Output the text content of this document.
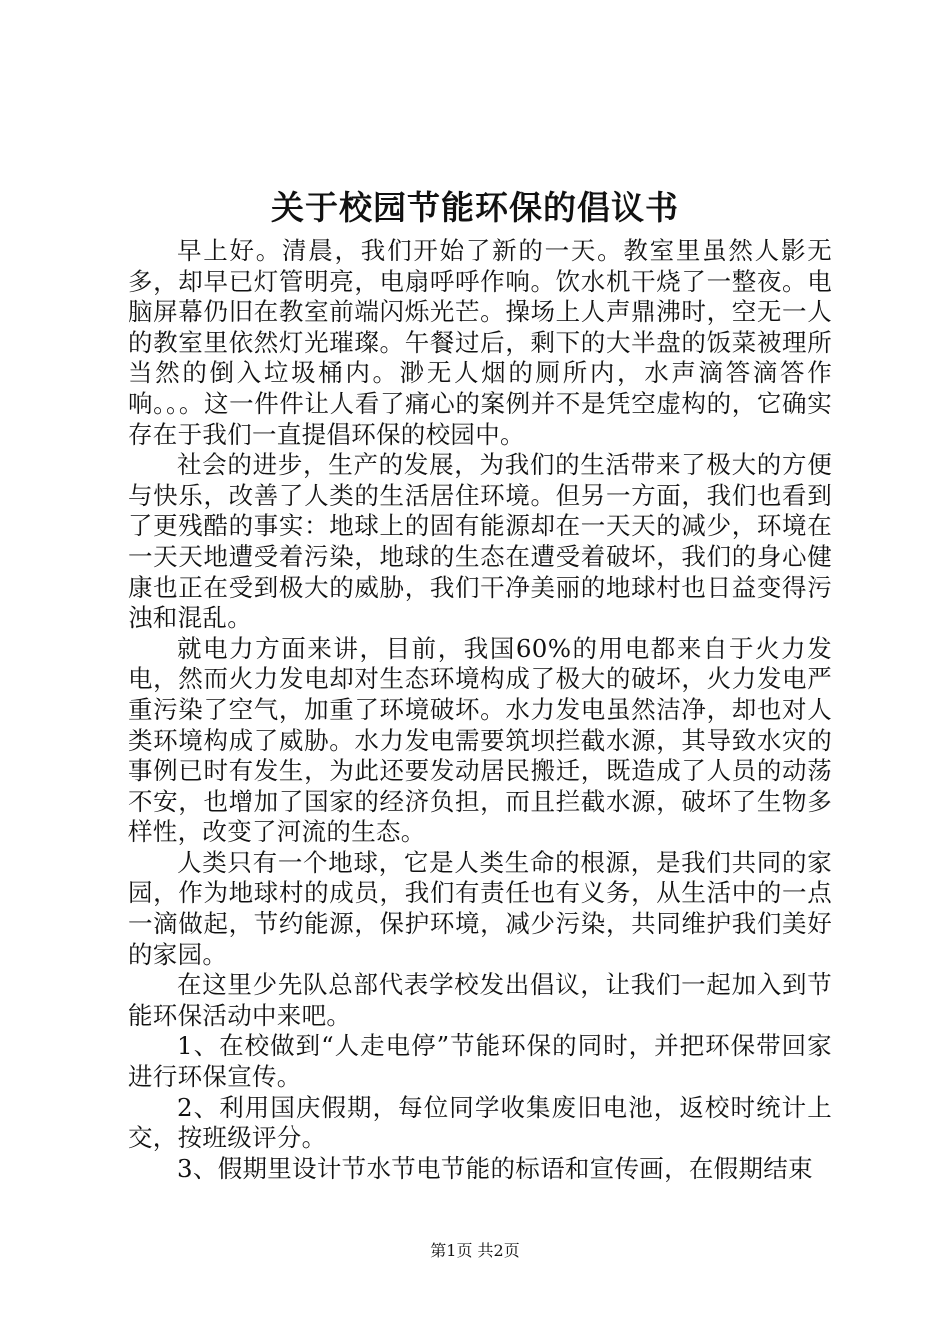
关于校园节能环保的倡议书

早上好。清晨，我们开始了新的一天。教室里虽然人影无多，却早已灯管明亮，电扇呼呼作响。饮水机干烧了一整夜。电脑屏幕仍旧在教室前端闪烁光芒。操场上人声鼎沸时，空无一人的教室里依然灯光璀璨。午餐过后，剩下的大半盘的饭菜被理所当然的倒入垃圾桶内。渺无人烟的厕所内，水声滴答滴答作响。。。这一件件让人看了痛心的案例并不是凭空虚构的，它确实存在于我们一直提倡环保的校园中。

社会的进步，生产的发展，为我们的生活带来了极大的方便与快乐，改善了人类的生活居住环境。但另一方面，我们也看到了更残酷的事实：地球上的固有能源却在一天天的减少，环境在一天天地遭受着污染，地球的生态在遭受着破坏，我们的身心健康也正在受到极大的威胁，我们干净美丽的地球村也日益变得污浊和混乱。

就电力方面来讲，目前，我国60%的用电都来自于火力发电，然而火力发电却对生态环境构成了极大的破坏，火力发电严重污染了空气，加重了环境破坏。水力发电虽然洁净，却也对人类环境构成了威胁。水力发电需要筑坝拦截水源，其导致水灾的事例已时有发生，为此还要发动居民搬迁，既造成了人员的动荡不安，也增加了国家的经济负担，而且拦截水源，破坏了生物多样性，改变了河流的生态。

人类只有一个地球，它是人类生命的根源，是我们共同的家园，作为地球村的成员，我们有责任也有义务，从生活中的一点一滴做起，节约能源，保护环境，减少污染，共同维护我们美好的家园。

在这里少先队总部代表学校发出倡议，让我们一起加入到节能环保活动中来吧。

1、在校做到“人走电停”节能环保的同时，并把环保带回家进行环保宣传。

2、利用国庆假期，每位同学收集废旧电池，返校时统计上交，按班级评分。

3、假期里设计节水节电节能的标语和宣传画，在假期结束

第1页 共2页
